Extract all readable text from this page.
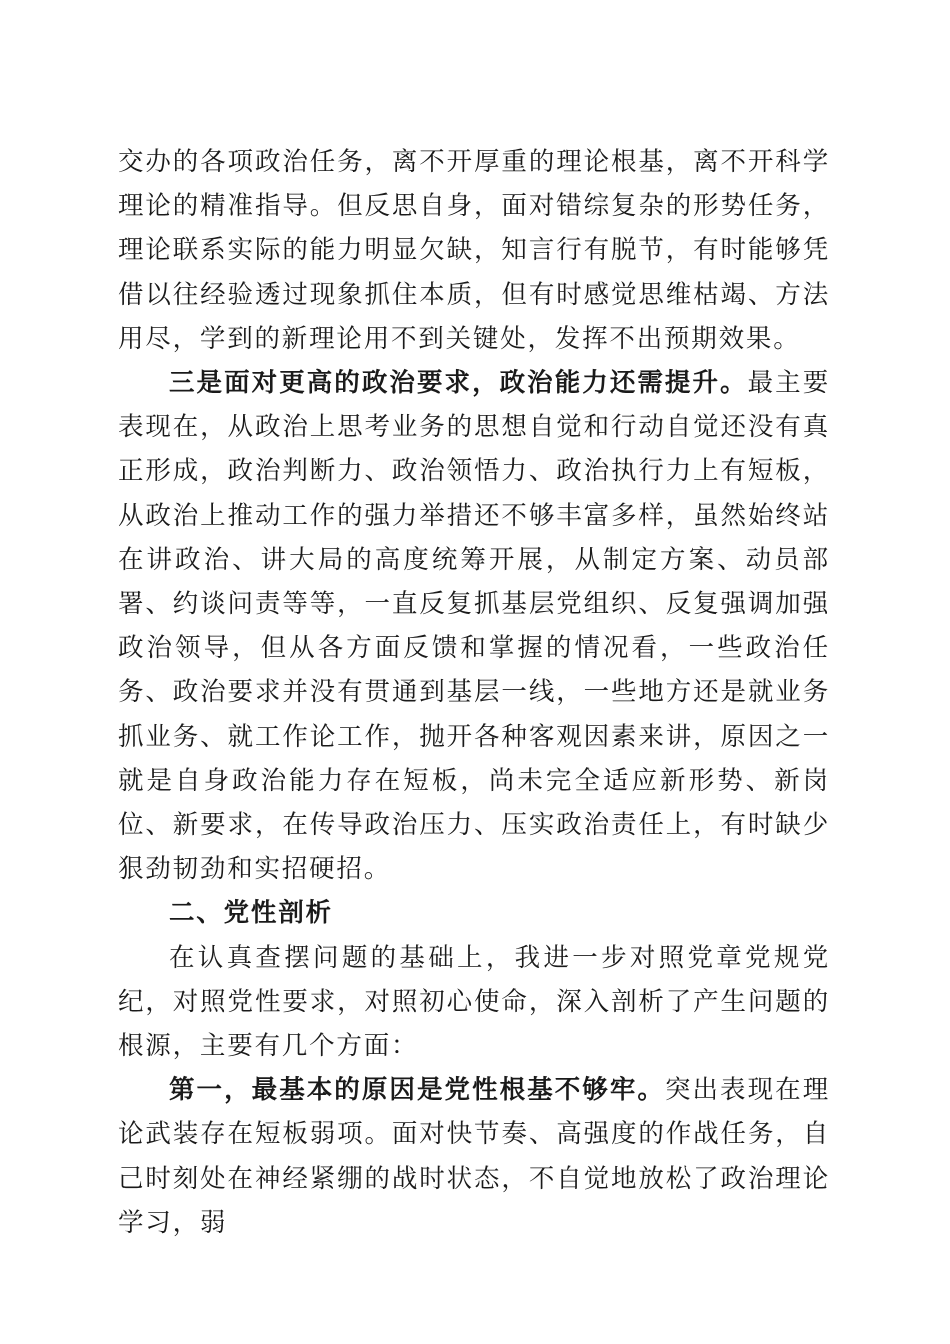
交办的各项政治任务，离不开厚重的理论根基，离不开科学理论的精准指导。但反思自身，面对错综复杂的形势任务，理论联系实际的能力明显欠缺，知言行有脱节，有时能够凭借以往经验透过现象抓住本质，但有时感觉思维枯竭、方法用尽，学到的新理论用不到关键处，发挥不出预期效果。

三是面对更高的政治要求，政治能力还需提升。最主要表现在，从政治上思考业务的思想自觉和行动自觉还没有真正形成，政治判断力、政治领悟力、政治执行力上有短板，从政治上推动工作的强力举措还不够丰富多样，虽然始终站在讲政治、讲大局的高度统筹开展，从制定方案、动员部署、约谈问责等等，一直反复抓基层党组织、反复强调加强政治领导，但从各方面反馈和掌握的情况看，一些政治任务、政治要求并没有贯通到基层一线，一些地方还是就业务抓业务、就工作论工作，抛开各种客观因素来讲，原因之一就是自身政治能力存在短板，尚未完全适应新形势、新岗位、新要求，在传导政治压力、压实政治责任上，有时缺少狠劲韧劲和实招硬招。

二、党性剖析

在认真查摆问题的基础上，我进一步对照党章党规党纪，对照党性要求，对照初心使命，深入剖析了产生问题的根源，主要有几个方面：

第一，最基本的原因是党性根基不够牢。突出表现在理论武装存在短板弱项。面对快节奏、高强度的作战任务，自己时刻处在神经紧绷的战时状态，不自觉地放松了政治理论学习，弱
